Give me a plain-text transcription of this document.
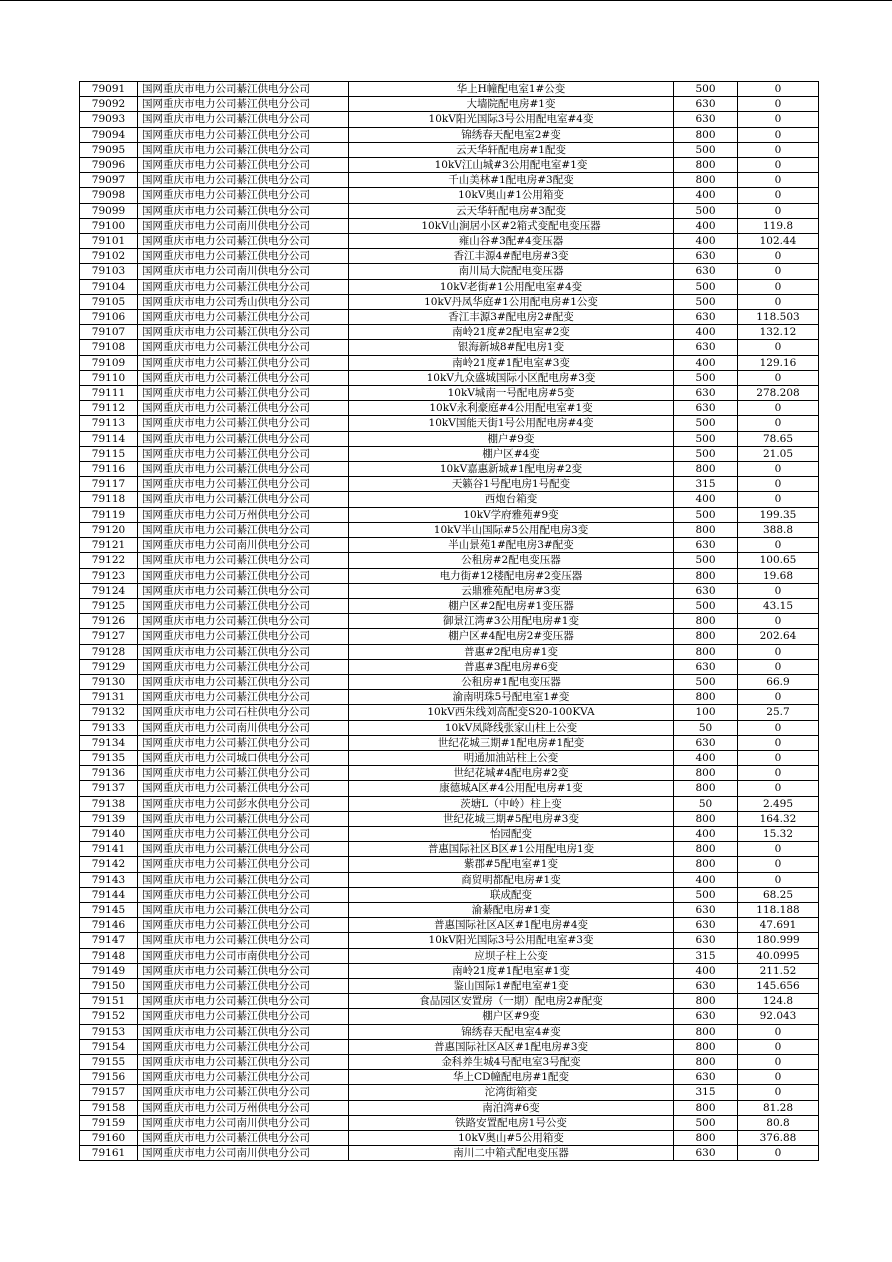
79091	国网重庆市电力公司綦江供电分公司	华上H幢配电室1#公变	500	0
79092	国网重庆市电力公司綦江供电分公司	大墙院配电房#1变	630	0
79093	国网重庆市电力公司綦江供电分公司	10kV阳光国际3号公用配电室#4变	630	0
79094	国网重庆市电力公司綦江供电分公司	锦绣春天配电室2#变	800	0
79095	国网重庆市电力公司綦江供电分公司	云天华轩配电房#1配变	500	0
79096	国网重庆市电力公司綦江供电分公司	10kV江山城#3公用配电室#1变	800	0
79097	国网重庆市电力公司綦江供电分公司	千山美林#1配电房#3配变	800	0
79098	国网重庆市电力公司綦江供电分公司	10kV奥山#1公用箱变	400	0
79099	国网重庆市电力公司綦江供电分公司	云天华轩配电房#3配变	500	0
79100	国网重庆市电力公司南川供电分公司	10kV山涧居小区#2箱式变配电变压器	400	119.8
79101	国网重庆市电力公司綦江供电分公司	雍山谷#3配#4变压器	400	102.44
79102	国网重庆市电力公司綦江供电分公司	香江丰源4#配电房#3变	630	0
79103	国网重庆市电力公司南川供电分公司	南川局大院配电变压器	630	0
79104	国网重庆市电力公司綦江供电分公司	10kV老街#1公用配电室#4变	500	0
79105	国网重庆市电力公司秀山供电分公司	10kV丹凤华庭#1公用配电房#1公变	500	0
79106	国网重庆市电力公司綦江供电分公司	香江丰源3#配电房2#配变	630	118.503
79107	国网重庆市电力公司綦江供电分公司	南岭21度#2配电室#2变	400	132.12
79108	国网重庆市电力公司綦江供电分公司	银海新城8#配电房1变	630	0
79109	国网重庆市电力公司綦江供电分公司	南岭21度#1配电室#3变	400	129.16
79110	国网重庆市电力公司綦江供电分公司	10kV九众盛城国际小区配电房#3变	500	0
79111	国网重庆市电力公司綦江供电分公司	10kV城南一号配电房#5变	630	278.208
79112	国网重庆市电力公司綦江供电分公司	10kV永利豪庭#4公用配电室#1变	630	0
79113	国网重庆市电力公司綦江供电分公司	10kV国能天街1号公用配电房#4变	500	0
79114	国网重庆市电力公司綦江供电分公司	棚户#9变	500	78.65
79115	国网重庆市电力公司綦江供电分公司	棚户区#4变	500	21.05
79116	国网重庆市电力公司綦江供电分公司	10kV嘉惠新城#1配电房#2变	800	0
79117	国网重庆市电力公司綦江供电分公司	天籁谷1号配电房1号配变	315	0
79118	国网重庆市电力公司綦江供电分公司	西炮台箱变	400	0
79119	国网重庆市电力公司万州供电分公司	10kV学府雅苑#9变	500	199.35
79120	国网重庆市电力公司綦江供电分公司	10kV半山国际#5公用配电房3变	800	388.8
79121	国网重庆市电力公司南川供电分公司	半山景苑1#配电房3#配变	630	0
79122	国网重庆市电力公司綦江供电分公司	公租房#2配电变压器	500	100.65
79123	国网重庆市电力公司綦江供电分公司	电力街#12楼配电房#2变压器	800	19.68
79124	国网重庆市电力公司綦江供电分公司	云鼎雅苑配电房#3变	630	0
79125	国网重庆市电力公司綦江供电分公司	棚户区#2配电房#1变压器	500	43.15
79126	国网重庆市电力公司綦江供电分公司	御景江湾#3公用配电房#1变	800	0
79127	国网重庆市电力公司綦江供电分公司	棚户区#4配电房2#变压器	800	202.64
79128	国网重庆市电力公司綦江供电分公司	普惠#2配电房#1变	800	0
79129	国网重庆市电力公司綦江供电分公司	普惠#3配电房#6变	630	0
79130	国网重庆市电力公司綦江供电分公司	公租房#1配电变压器	500	66.9
79131	国网重庆市电力公司綦江供电分公司	渝南明珠5号配电室1#变	800	0
79132	国网重庆市电力公司石柱供电分公司	10kV西朱线刘高配变S20-100KVA	100	25.7
79133	国网重庆市电力公司南川供电分公司	10kV凤降线张家山柱上公变	50	0
79134	国网重庆市电力公司綦江供电分公司	世纪花城三期#1配电房#1配变	630	0
79135	国网重庆市电力公司城口供电分公司	明通加油站柱上公变	400	0
79136	国网重庆市电力公司綦江供电分公司	世纪花城#4配电房#2变	800	0
79137	国网重庆市电力公司綦江供电分公司	康德城A区#4公用配电房#1变	800	0
79138	国网重庆市电力公司彭水供电分公司	茨塘L（中岭）柱上变	50	2.495
79139	国网重庆市电力公司綦江供电分公司	世纪花城三期#5配电房#3变	800	164.32
79140	国网重庆市电力公司綦江供电分公司	怡园配变	400	15.32
79141	国网重庆市电力公司綦江供电分公司	普惠国际社区B区#1公用配电房1变	800	0
79142	国网重庆市电力公司綦江供电分公司	紫郡#5配电室#1变	800	0
79143	国网重庆市电力公司綦江供电分公司	商贸明都配电房#1变	400	0
79144	国网重庆市电力公司綦江供电分公司	联成配变	500	68.25
79145	国网重庆市电力公司綦江供电分公司	渝綦配电房#1变	630	118.188
79146	国网重庆市电力公司綦江供电分公司	普惠国际社区A区#1配电房#4变	630	47.691
79147	国网重庆市电力公司綦江供电分公司	10kV阳光国际3号公用配电室#3变	630	180.999
79148	国网重庆市电力公司市南供电分公司	应坝子柱上公变	315	40.0995
79149	国网重庆市电力公司綦江供电分公司	南岭21度#1配电室#1变	400	211.52
79150	国网重庆市电力公司綦江供电分公司	鉴山国际1#配电室#1变	630	145.656
79151	国网重庆市电力公司綦江供电分公司	食品园区安置房（一期）配电房2#配变	800	124.8
79152	国网重庆市电力公司綦江供电分公司	棚户区#9变	630	92.043
79153	国网重庆市电力公司綦江供电分公司	锦绣春天配电室4#变	800	0
79154	国网重庆市电力公司綦江供电分公司	普惠国际社区A区#1配电房#3变	800	0
79155	国网重庆市电力公司綦江供电分公司	金科养生城4号配电室3号配变	800	0
79156	国网重庆市电力公司綦江供电分公司	华上CD幢配电房#1配变	630	0
79157	国网重庆市电力公司綦江供电分公司	沱湾街箱变	315	0
79158	国网重庆市电力公司万州供电分公司	南泊湾#6变	800	81.28
79159	国网重庆市电力公司南川供电分公司	铁路安置配电房1号公变	500	80.8
79160	国网重庆市电力公司綦江供电分公司	10kV奥山#5公用箱变	800	376.88
79161	国网重庆市电力公司南川供电分公司	南川二中箱式配电变压器	630	0
